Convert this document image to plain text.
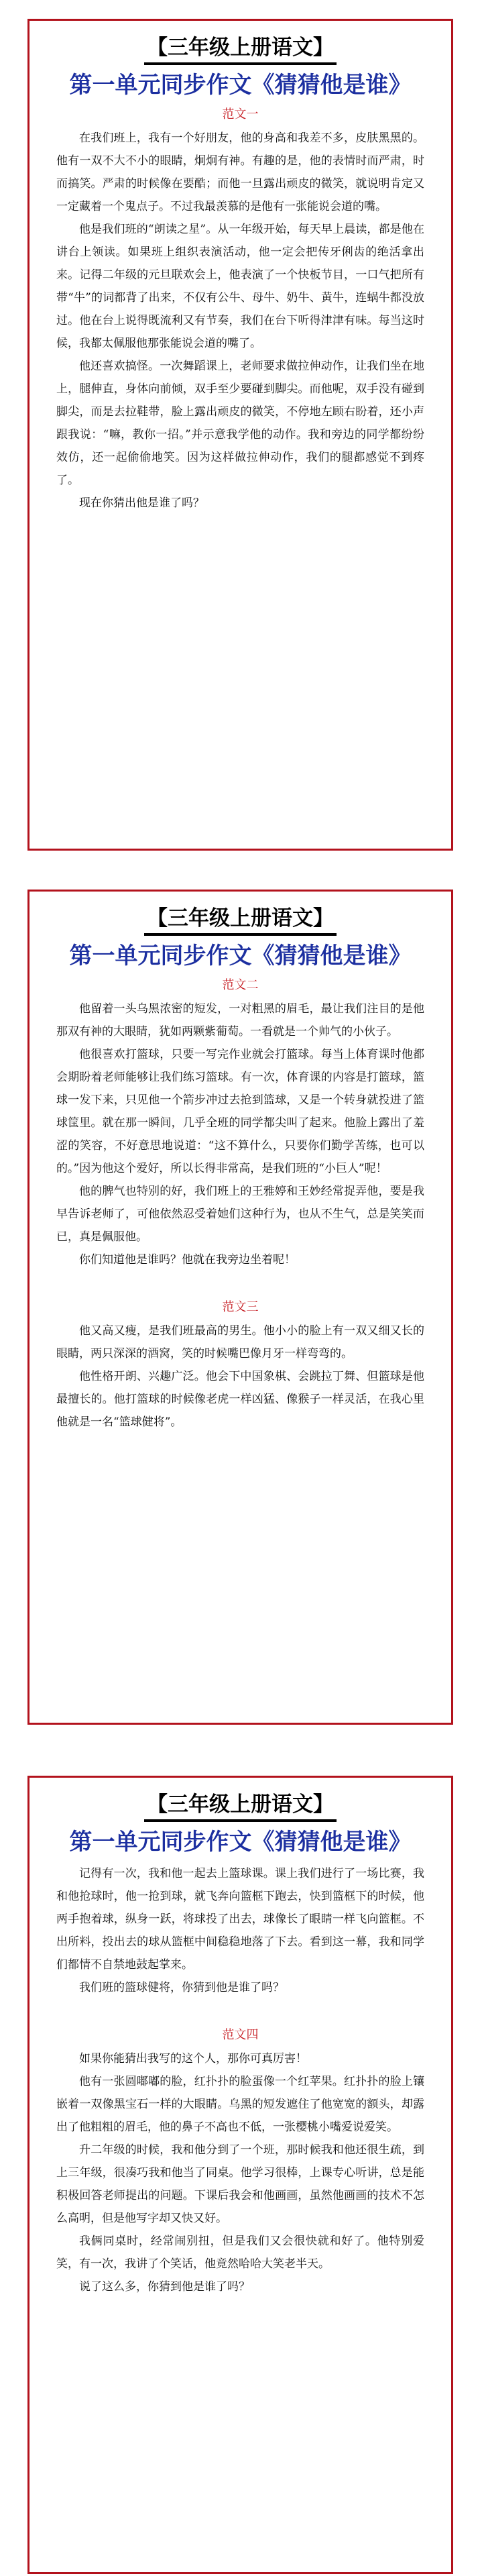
【三年级上册语文】
第一单元同步作文《猜猜他是谁》
范文一

在我们班上，我有一个好朋友，他的身高和我差不多，皮肤黑黑的。他有一双不大不小的眼睛，炯炯有神。有趣的是，他的表情时而严肃，时而搞笑。严肃的时候像在要酷；而他一旦露出顽皮的微笑，就说明肯定又一定藏着一个鬼点子。不过我最羡慕的是他有一张能说会道的嘴。

他是我们班的“朗读之星”。从一年级开始，每天早上晨读，都是他在讲台上领读。如果班上组织表演活动，他一定会把传牙俐齿的绝活拿出来。记得二年级的元旦联欢会上，他表演了一个快板节目，一口气把所有带“牛”的词都背了出来，不仅有公牛、母牛、奶牛、黄牛，连蜗牛都没放过。他在台上说得既流利又有节奏，我们在台下听得津津有味。每当这时候，我都太佩服他那张能说会道的嘴了。

他还喜欢搞怪。一次舞蹈课上，老师要求做拉伸动作，让我们坐在地上，腿伸直，身体向前倾，双手至少要碰到脚尖。而他呢，双手没有碰到脚尖，而是去拉鞋带，脸上露出顽皮的微笑，不停地左顾右盼着，还小声跟我说：“嘛，教你一招。”并示意我学他的动作。我和旁边的同学都纷纷效仿，还一起偷偷地笑。因为这样做拉伸动作，我们的腿都感觉不到疼了。

现在你猜出他是谁了吗？

【三年级上册语文】
第一单元同步作文《猜猜他是谁》
范文二

他留着一头乌黑浓密的短发，一对粗黑的眉毛，最让我们注目的是他那双有神的大眼睛，犹如两颗紫葡萄。一看就是一个帅气的小伙子。

他很喜欢打篮球，只要一写完作业就会打篮球。每当上体育课时他都会期盼着老师能够让我们练习篮球。有一次，体育课的内容是打篮球，篮球一发下来，只见他一个箭步冲过去抢到篮球，又是一个转身就投进了篮球筐里。就在那一瞬间，几乎全班的同学都尖叫了起来。他脸上露出了羞涩的笑容，不好意思地说道：“这不算什么，只要你们勤学苦练，也可以的。”因为他这个爱好，所以长得非常高，是我们班的“小巨人”呢！

他的脾气也特别的好，我们班上的王雅婷和王妙经常捉弄他，要是我早告诉老师了，可他依然忍受着她们这种行为，也从不生气，总是笑笑而已，真是佩服他。

你们知道他是谁吗？他就在我旁边坐着呢！

范文三

他又高又瘦，是我们班最高的男生。他小小的脸上有一双又细又长的眼睛，两只深深的酒窝，笑的时候嘴巴像月牙一样弯弯的。

他性格开朗、兴趣广泛。他会下中国象棋、会跳拉丁舞、但篮球是他最擅长的。他打篮球的时候像老虎一样凶猛、像猴子一样灵活，在我心里他就是一名“篮球健将”。

【三年级上册语文】
第一单元同步作文《猜猜他是谁》

记得有一次，我和他一起去上篮球课。课上我们进行了一场比赛，我和他抢球时，他一抢到球，就飞奔向篮框下跑去，快到篮框下的时候，他两手抱着球，纵身一跃，将球投了出去，球像长了眼睛一样飞向篮框。不出所料，投出去的球从篮框中间稳稳地落了下去。看到这一幕，我和同学们都情不自禁地鼓起掌来。

我们班的篮球健将，你猜到他是谁了吗？

范文四

如果你能猜出我写的这个人，那你可真厉害！

他有一张圆嘟嘟的脸，红扑扑的脸蛋像一个红苹果。红扑扑的脸上镶嵌着一双像黑宝石一样的大眼睛。乌黑的短发遮住了他宽宽的额头，却露出了他粗粗的眉毛，他的鼻子不高也不低，一张樱桃小嘴爱说爱笑。

升二年级的时候，我和他分到了一个班，那时候我和他还很生疏，到上三年级，很凑巧我和他当了同桌。他学习很棒，上课专心听讲，总是能积极回答老师提出的问题。下课后我会和他画画，虽然他画画的技术不怎么高明，但是他写字却又快又好。

我俩同桌时，经常闹别扭，但是我们又会很快就和好了。他特别爱笑，有一次，我讲了个笑话，他竟然哈哈大笑老半天。

说了这么多，你猜到他是谁了吗？
